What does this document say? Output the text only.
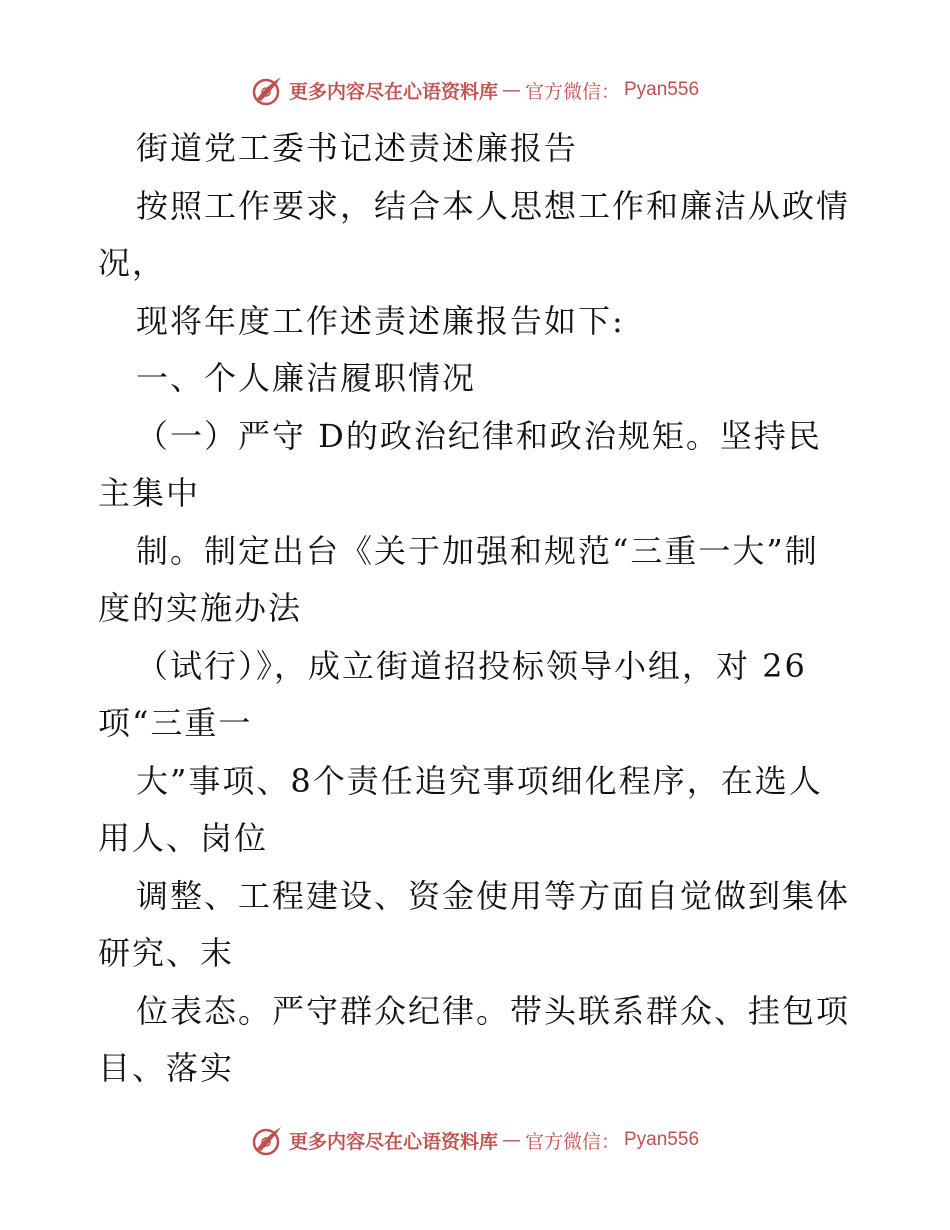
更多内容尽在心语资料库 — 官方微信： Pyan556
街道党工委书记述责述廉报告
按照工作要求，结合本人思想工作和廉洁从政情
况，
现将年度工作述责述廉报告如下:
一、个人廉洁履职情况
（一）严守 D的政治纪律和政治规矩。坚持民
主集中
制。制定出台《关于加强和规范“三重一大”制
度的实施办法
（试行）》，成立街道招投标领导小组，对 26
项“三重一
大”事项、8个责任追究事项细化程序，在选人
用人、岗位
调整、工程建设、资金使用等方面自觉做到集体
研究、末
位表态。严守群众纪律。带头联系群众、挂包项
目、落实
更多内容尽在心语资料库 — 官方微信： Pyan556
